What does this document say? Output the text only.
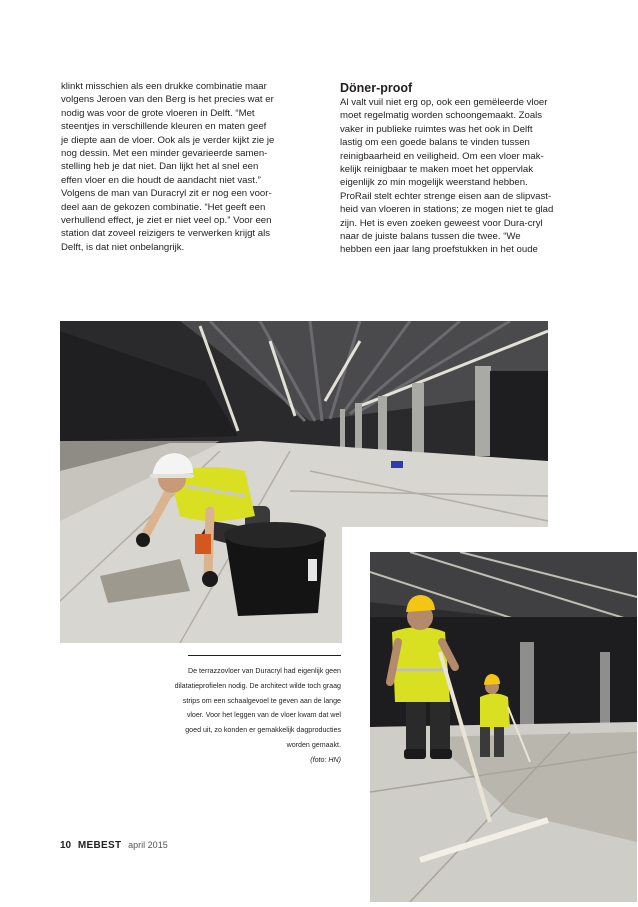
klinkt misschien als een drukke combinatie maar volgens Jeroen van den Berg is het precies wat er nodig was voor de grote vloeren in Delft. “Met steentjes in verschillende kleuren en maten geef je diepte aan de vloer. Ook als je verder kijkt zie je nog dessin. Met een minder gevarieerde samen-stelling heb je dat niet. Dan lijkt het al snel een effen vloer en die houdt de aandacht niet vast.” Volgens de man van Duracryl zit er nog een voor-deel aan de gekozen combinatie. “Het geeft een verhullend effect, je ziet er niet veel op.” Voor een station dat zoveel reizigers te verwerken krijgt als Delft, is dat niet onbelangrijk.

Döner-proof

Al valt vuil niet erg op, ook een gemëleerde vloer moet regelmatig worden schoongemaakt. Zoals vaker in publieke ruimtes was het ook in Delft lastig om een goede balans te vinden tussen reinigbaarheid en veiligheid. Om een vloer mak-kelijk reinigbaar te maken moet het oppervlak eigenlijk zo min mogelijk weerstand hebben. ProRail stelt echter strenge eisen aan de slipvast-heid van vloeren in stations; ze mogen niet te glad zijn. Het is even zoeken geweest voor Dura-cryl naar de juiste balans tussen die twee. “We hebben een jaar lang proefstukken in het oude

De terrazzovloer van Duracryl had eigenlijk geen dilatatieprofielen nodig. De architect wilde toch graag strips om een schaalgevoel te geven aan de lange vloer. Voor het leggen van de vloer kwam dat wel goed uit, zo konden er gemakkelijk dagproducties worden gemaakt.
(foto: HN)
10 MEBEST april 2015
